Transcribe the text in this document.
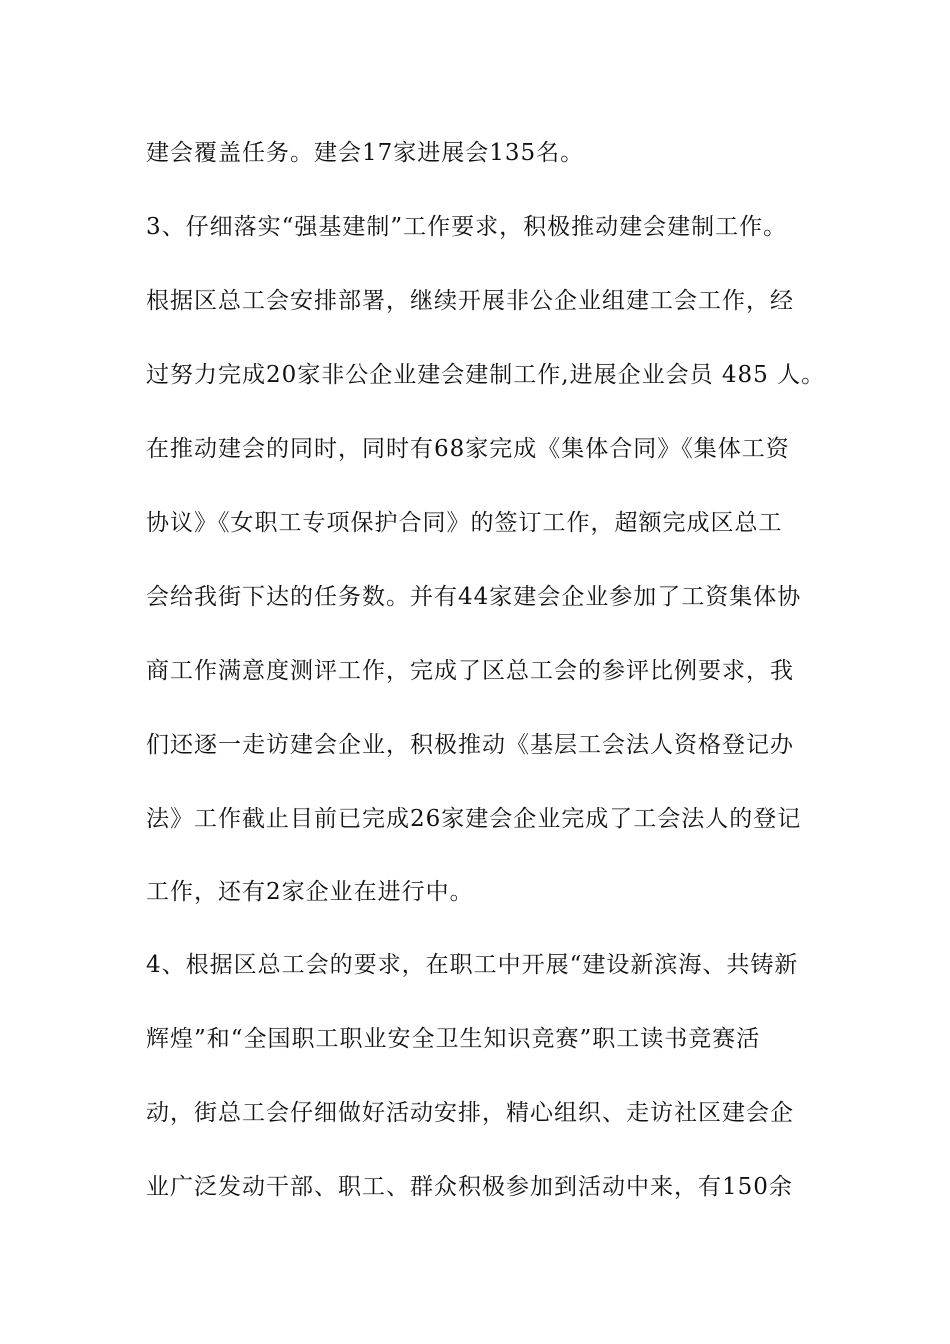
建会覆盖任务。建会17家进展会135名。
3、仔细落实“强基建制”工作要求，积极推动建会建制工作。
根据区总工会安排部署，继续开展非公企业组建工会工作，经
过努力完成20家非公企业建会建制工作,进展企业会员 485 人。
在推动建会的同时，同时有68家完成《集体合同》《集体工资
协议》《女职工专项保护合同》的签订工作，超额完成区总工
会给我街下达的任务数。并有44家建会企业参加了工资集体协
商工作满意度测评工作，完成了区总工会的参评比例要求，我
们还逐一走访建会企业，积极推动《基层工会法人资格登记办
法》工作截止目前已完成26家建会企业完成了工会法人的登记
工作，还有2家企业在进行中。
4、根据区总工会的要求，在职工中开展“建设新滨海、共铸新
辉煌”和“全国职工职业安全卫生知识竞赛”职工读书竞赛活
动，街总工会仔细做好活动安排，精心组织、走访社区建会企
业广泛发动干部、职工、群众积极参加到活动中来，有150余
